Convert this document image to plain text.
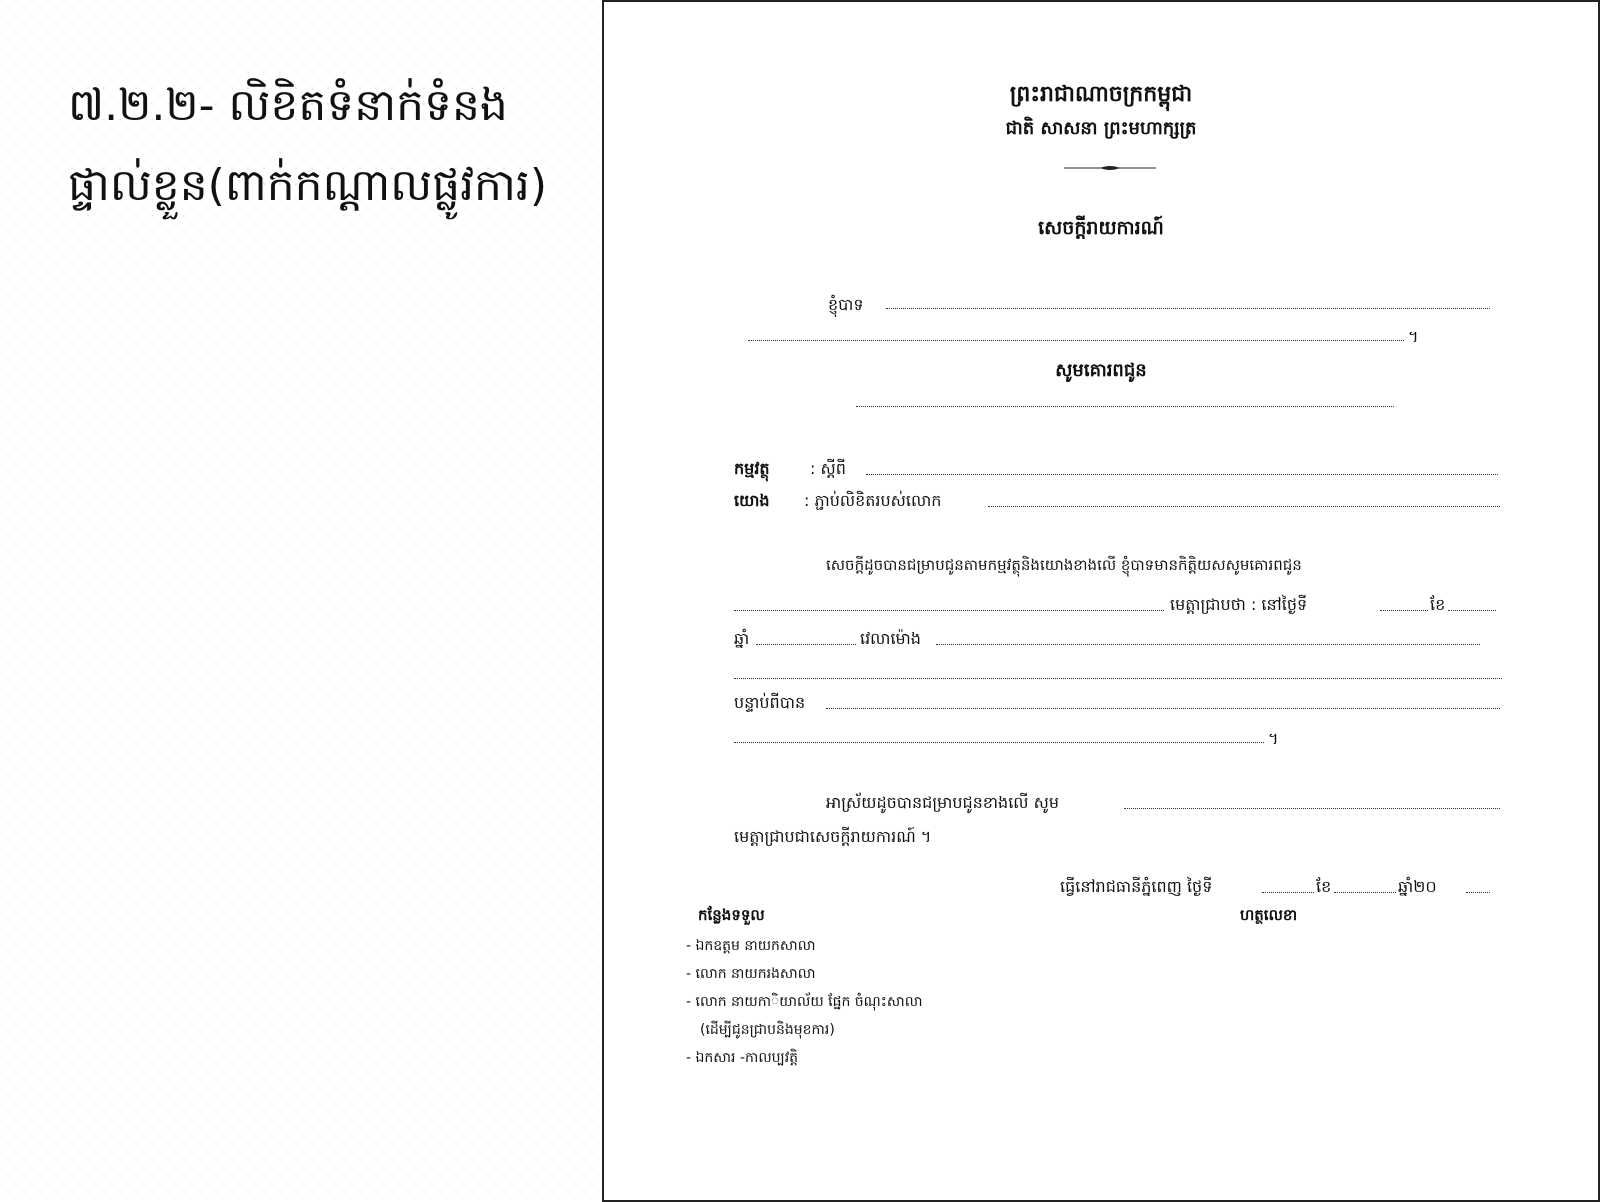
៧.២.២- លិខិតទំនាក់ទំនង
ផ្ទាល់ខ្លួន(ពាក់កណ្ដាលផ្លូវការ)
ព្រះរាជាណាចក្រកម្ពុជា
ជាតិ សាសនា ព្រះមហាក្សត្រ
សេចក្ដីរាយការណ៍
ខ្ញុំបាទ
។
សូមគោរពជូន
កម្មវត្ថុ	: ស្ដីពី
យោង : ភ្ជាប់លិខិតរបស់លោក
សេចក្ដីដូចបានជម្រាបជូនតាមកម្មវត្ថុនិងយោងខាងលើ ខ្ញុំបាទមានកិត្តិយសសូមគោរពជូន
មេត្តាជ្រាបថា : នៅថ្ងៃទី	ខែ
ឆ្នាំ	វេលាម៉ោង
បន្ទាប់ពីបាន
។
អាស្រ័យដូចបានជម្រាបជូនខាងលើ សូម
មេត្តាជ្រាបជាសេចក្ដីរាយការណ៍ ។
ធ្វើនៅរាជធានីភ្នំពេញ ថ្ងៃទី	ខែ	ឆ្នាំ២០
កន្លែងទទួល	ហត្ថលេខា
- ឯកឧត្តម នាយកសាលា
- លោក នាយករងសាលា
- លោក នាយកាិយាល័យ ផ្នែក ចំណុះសាលា
(ដើម្បីជូនជ្រាបនិងមុខការ)
- ឯកសារ -កាលប្បវត្តិ
